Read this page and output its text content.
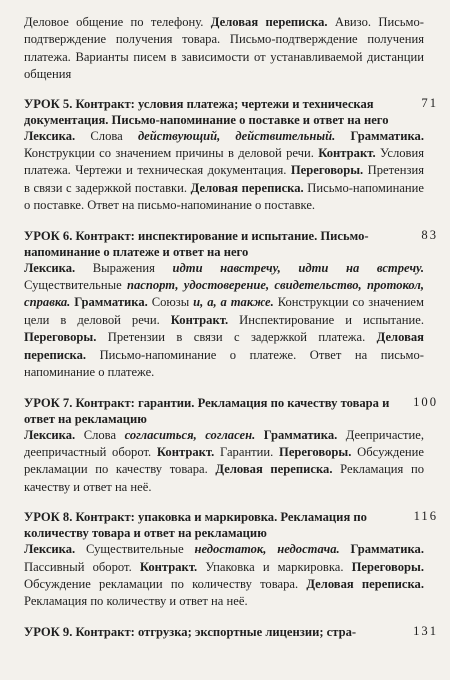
Деловое общение по телефону. Деловая переписка. Авизо. Письмо-подтверждение получения товара. Письмо-подтверждение получения платежа. Варианты писем в зависимости от устанавливаемой дистанции общения

71

УРОК 5. Контракт: условия платежа; чертежи и техническая документация. Письмо-напоминание о поставке и ответ на него

Лексика. Слова действующий, действительный. Грамматика. Конструкции со значением причины в деловой речи. Контракт. Условия платежа. Чертежи и техническая документация. Переговоры. Претензия в связи с задержкой поставки. Деловая переписка. Письмо-напоминание о поставке. Ответ на письмо-напоминание о поставке.

83

УРОК 6. Контракт: инспектирование и испытание. Письмо-напоминание о платеже и ответ на него

Лексика. Выражения идти навстречу, идти на встречу. Существительные паспорт, удостоверение, свидетельство, протокол, справка. Грамматика. Союзы и, а, а также. Конструкции со значением цели в деловой речи. Контракт. Инспектирование и испытание. Переговоры. Претензии в связи с задержкой платежа. Деловая переписка. Письмо-напоминание о платеже. Ответ на письмо-напоминание о платеже.

100

УРОК 7. Контракт: гарантии. Рекламация по качеству товара и ответ на рекламацию

Лексика. Слова согласиться, согласен. Грамматика. Деепричастие, деепричастный оборот. Контракт. Гарантии. Переговоры. Обсуждение рекламации по качеству товара. Деловая переписка. Рекламация по качеству и ответ на неё.

116

УРОК 8. Контракт: упаковка и маркировка. Рекламация по количеству товара и ответ на рекламацию

Лексика. Существительные недостаток, недостача. Грамматика. Пассивный оборот. Контракт. Упаковка и маркировка. Переговоры. Обсуждение рекламации по количеству товара. Деловая переписка. Рекламация по количеству и ответ на неё.

131

УРОК 9. Контракт: отгрузка; экспортные лицензии; стра-
